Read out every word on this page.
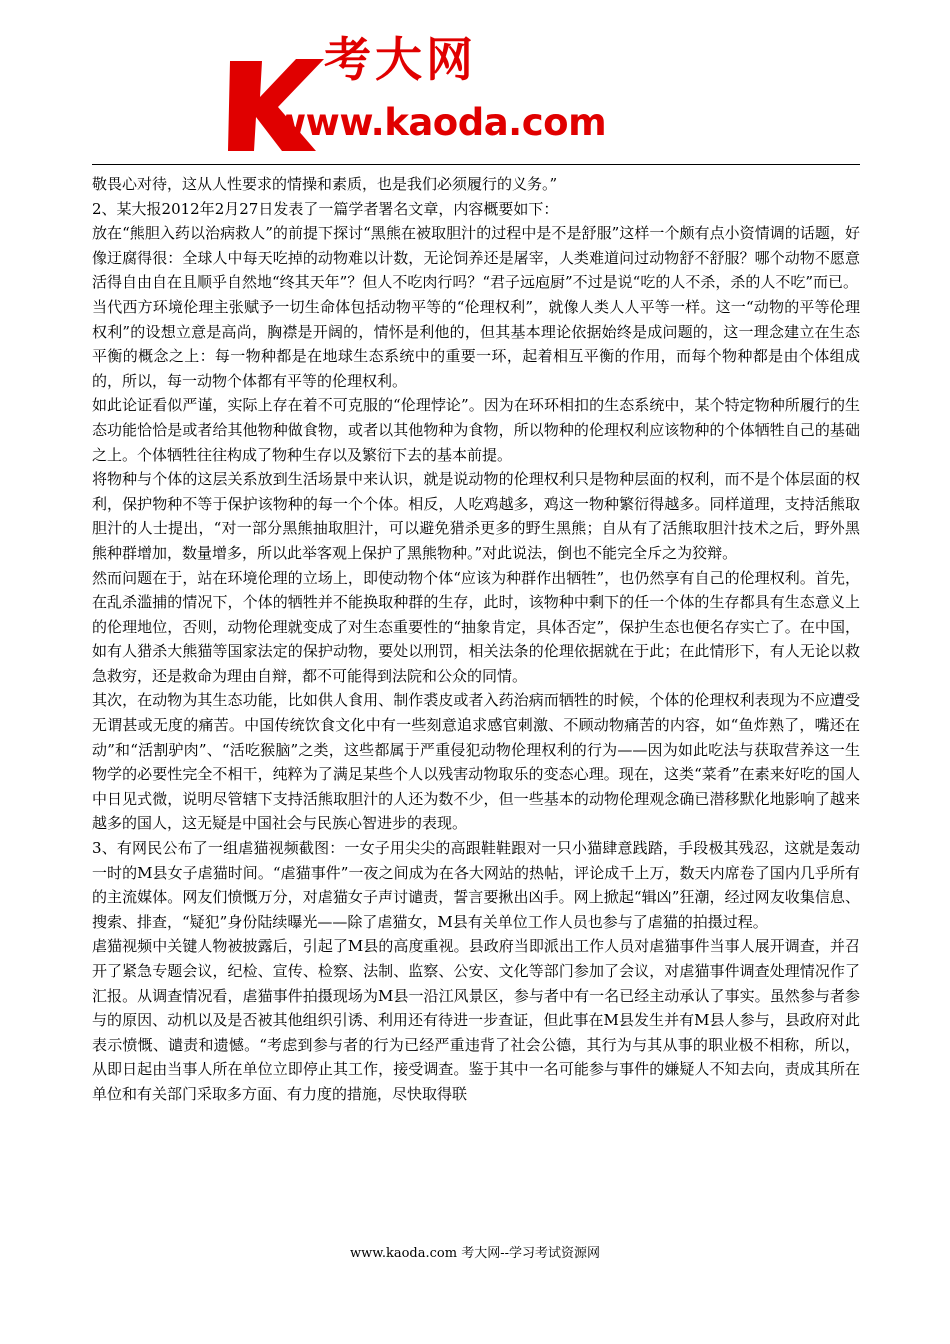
考大网
www.kaoda.com

敬畏心对待，这从人性要求的情操和素质，也是我们必须履行的义务。”

2、某大报2012年2月27日发表了一篇学者署名文章，内容概要如下：

放在“熊胆入药以治病救人”的前提下探讨“黑熊在被取胆汁的过程中是不是舒服”这样一个颇有点小资情调的话题，好像迂腐得很：全球人中每天吃掉的动物难以计数，无论饲养还是屠宰，人类难道问过动物舒不舒服？哪个动物不愿意活得自由自在且顺乎自然地“终其天年”？但人不吃肉行吗？“君子远庖厨”不过是说“吃的人不杀，杀的人不吃”而已。

当代西方环境伦理主张赋予一切生命体包括动物平等的“伦理权利”，就像人类人人平等一样。这一“动物的平等伦理权利”的设想立意是高尚，胸襟是开阔的，情怀是利他的，但其基本理论依据始终是成问题的，这一理念建立在生态平衡的概念之上：每一物种都是在地球生态系统中的重要一环，起着相互平衡的作用，而每个物种都是由个体组成的，所以，每一动物个体都有平等的伦理权利。

如此论证看似严谨，实际上存在着不可克服的“伦理悖论”。因为在环环相扣的生态系统中，某个特定物种所履行的生态功能恰恰是或者给其他物种做食物，或者以其他物种为食物，所以物种的伦理权利应该物种的个体牺牲自己的基础之上。个体牺牲往往构成了物种生存以及繁衍下去的基本前提。

将物种与个体的这层关系放到生活场景中来认识，就是说动物的伦理权利只是物种层面的权利，而不是个体层面的权利，保护物种不等于保护该物种的每一个个体。相反，人吃鸡越多，鸡这一物种繁衍得越多。同样道理，支持活熊取胆汁的人士提出，“对一部分黑熊抽取胆汁，可以避免猎杀更多的野生黑熊；自从有了活熊取胆汁技术之后，野外黑熊种群增加，数量增多，所以此举客观上保护了黑熊物种。”对此说法，倒也不能完全斥之为狡辩。

然而问题在于，站在环境伦理的立场上，即使动物个体“应该为种群作出牺牲”，也仍然享有自己的伦理权利。首先，在乱杀滥捕的情况下，个体的牺牲并不能换取种群的生存，此时，该物种中剩下的任一个体的生存都具有生态意义上的伦理地位，否则，动物伦理就变成了对生态重要性的“抽象肯定，具体否定”，保护生态也便名存实亡了。在中国，如有人猎杀大熊猫等国家法定的保护动物，要处以刑罚，相关法条的伦理依据就在于此；在此情形下，有人无论以救急救穷，还是救命为理由自辩，都不可能得到法院和公众的同情。

其次，在动物为其生态功能，比如供人食用、制作裘皮或者入药治病而牺牲的时候，个体的伦理权利表现为不应遭受无谓甚或无度的痛苦。中国传统饮食文化中有一些刻意追求感官刺激、不顾动物痛苦的内容，如“鱼炸熟了，嘴还在动”和“活割驴肉”、“活吃猴脑”之类，这些都属于严重侵犯动物伦理权利的行为——因为如此吃法与获取营养这一生物学的必要性完全不相干，纯粹为了满足某些个人以残害动物取乐的变态心理。现在，这类“菜肴”在素来好吃的国人中日见式微，说明尽管辖下支持活熊取胆汁的人还为数不少，但一些基本的动物伦理观念确已潜移默化地影响了越来越多的国人，这无疑是中国社会与民族心智进步的表现。

3、有网民公布了一组虐猫视频截图：一女子用尖尖的高跟鞋鞋跟对一只小猫肆意践踏，手段极其残忍，这就是轰动一时的M县女子虐猫时间。“虐猫事件”一夜之间成为在各大网站的热帖，评论成千上万，数天内席卷了国内几乎所有的主流媒体。网友们愤慨万分，对虐猫女子声讨谴责，誓言要揪出凶手。网上掀起“辑凶”狂潮，经过网友收集信息、搜索、排查，“疑犯”身份陆续曝光——除了虐猫女，M县有关单位工作人员也参与了虐猫的拍摄过程。

虐猫视频中关键人物被披露后，引起了M县的高度重视。县政府当即派出工作人员对虐猫事件当事人展开调查，并召开了紧急专题会议，纪检、宣传、检察、法制、监察、公安、文化等部门参加了会议，对虐猫事件调查处理情况作了汇报。从调查情况看，虐猫事件拍摄现场为M县一沿江风景区，参与者中有一名已经主动承认了事实。虽然参与者参与的原因、动机以及是否被其他组织引诱、利用还有待进一步查证，但此事在M县发生并有M县人参与，县政府对此表示愤慨、谴责和遗憾。“考虑到参与者的行为已经严重违背了社会公德，其行为与其从事的职业极不相称，所以，从即日起由当事人所在单位立即停止其工作，接受调查。鉴于其中一名可能参与事件的嫌疑人不知去向，责成其所在单位和有关部门采取多方面、有力度的措施，尽快取得联

www.kaoda.com 考大网--学习考试资源网
